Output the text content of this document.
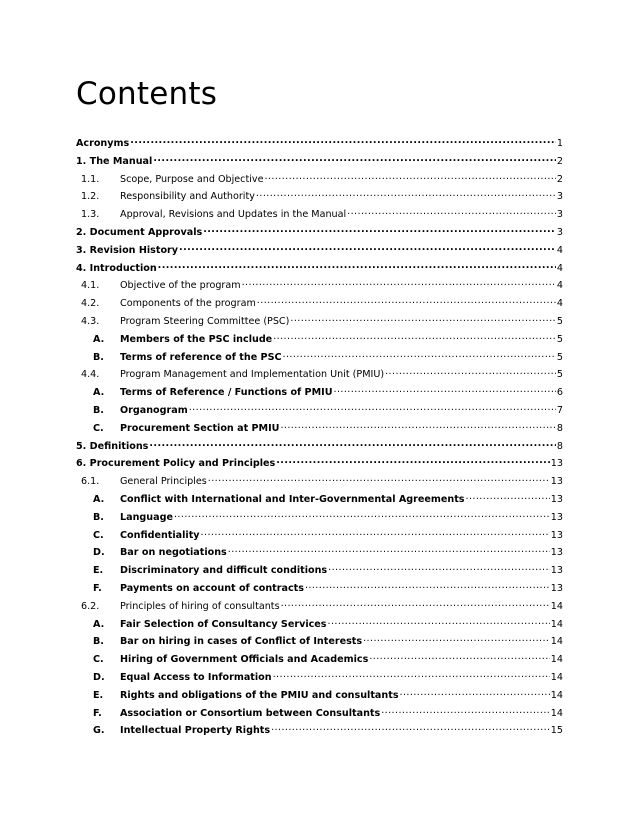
Contents
Acronyms .....	1
1. The Manual .....	2
1.1.	Scope, Purpose and Objective .....	2
1.2.	Responsibility and Authority .....	3
1.3.	Approval, Revisions and Updates in the Manual .....	3
2. Document Approvals .....	3
3. Revision History .....	4
4. Introduction .....	4
4.1.	Objective of the program .....	4
4.2.	Components of the program .....	4
4.3.	Program Steering Committee (PSC) .....	5
A.	Members of the PSC include .....	5
B.	Terms of reference of the PSC .....	5
4.4.	Program Management and Implementation Unit (PMIU) .....	5
A.	Terms of Reference / Functions of PMIU .....	6
B.	Organogram .....	7
C.	Procurement Section at PMIU .....	8
5. Definitions .....	8
6. Procurement Policy and Principles .....	13
6.1.	General Principles .....	13
A.	Conflict with International and Inter-Governmental Agreements .....	13
B.	Language .....	13
C.	Confidentiality .....	13
D.	Bar on negotiations .....	13
E.	Discriminatory and difficult conditions .....	13
F.	Payments on account of contracts .....	13
6.2.	Principles of hiring of consultants .....	14
A.	Fair Selection of Consultancy Services .....	14
B.	Bar on hiring in cases of Conflict of Interests .....	14
C.	Hiring of Government Officials and Academics .....	14
D.	Equal Access to Information .....	14
E.	Rights and obligations of the PMIU and consultants .....	14
F.	Association or Consortium between Consultants .....	14
G.	Intellectual Property Rights .....	15
